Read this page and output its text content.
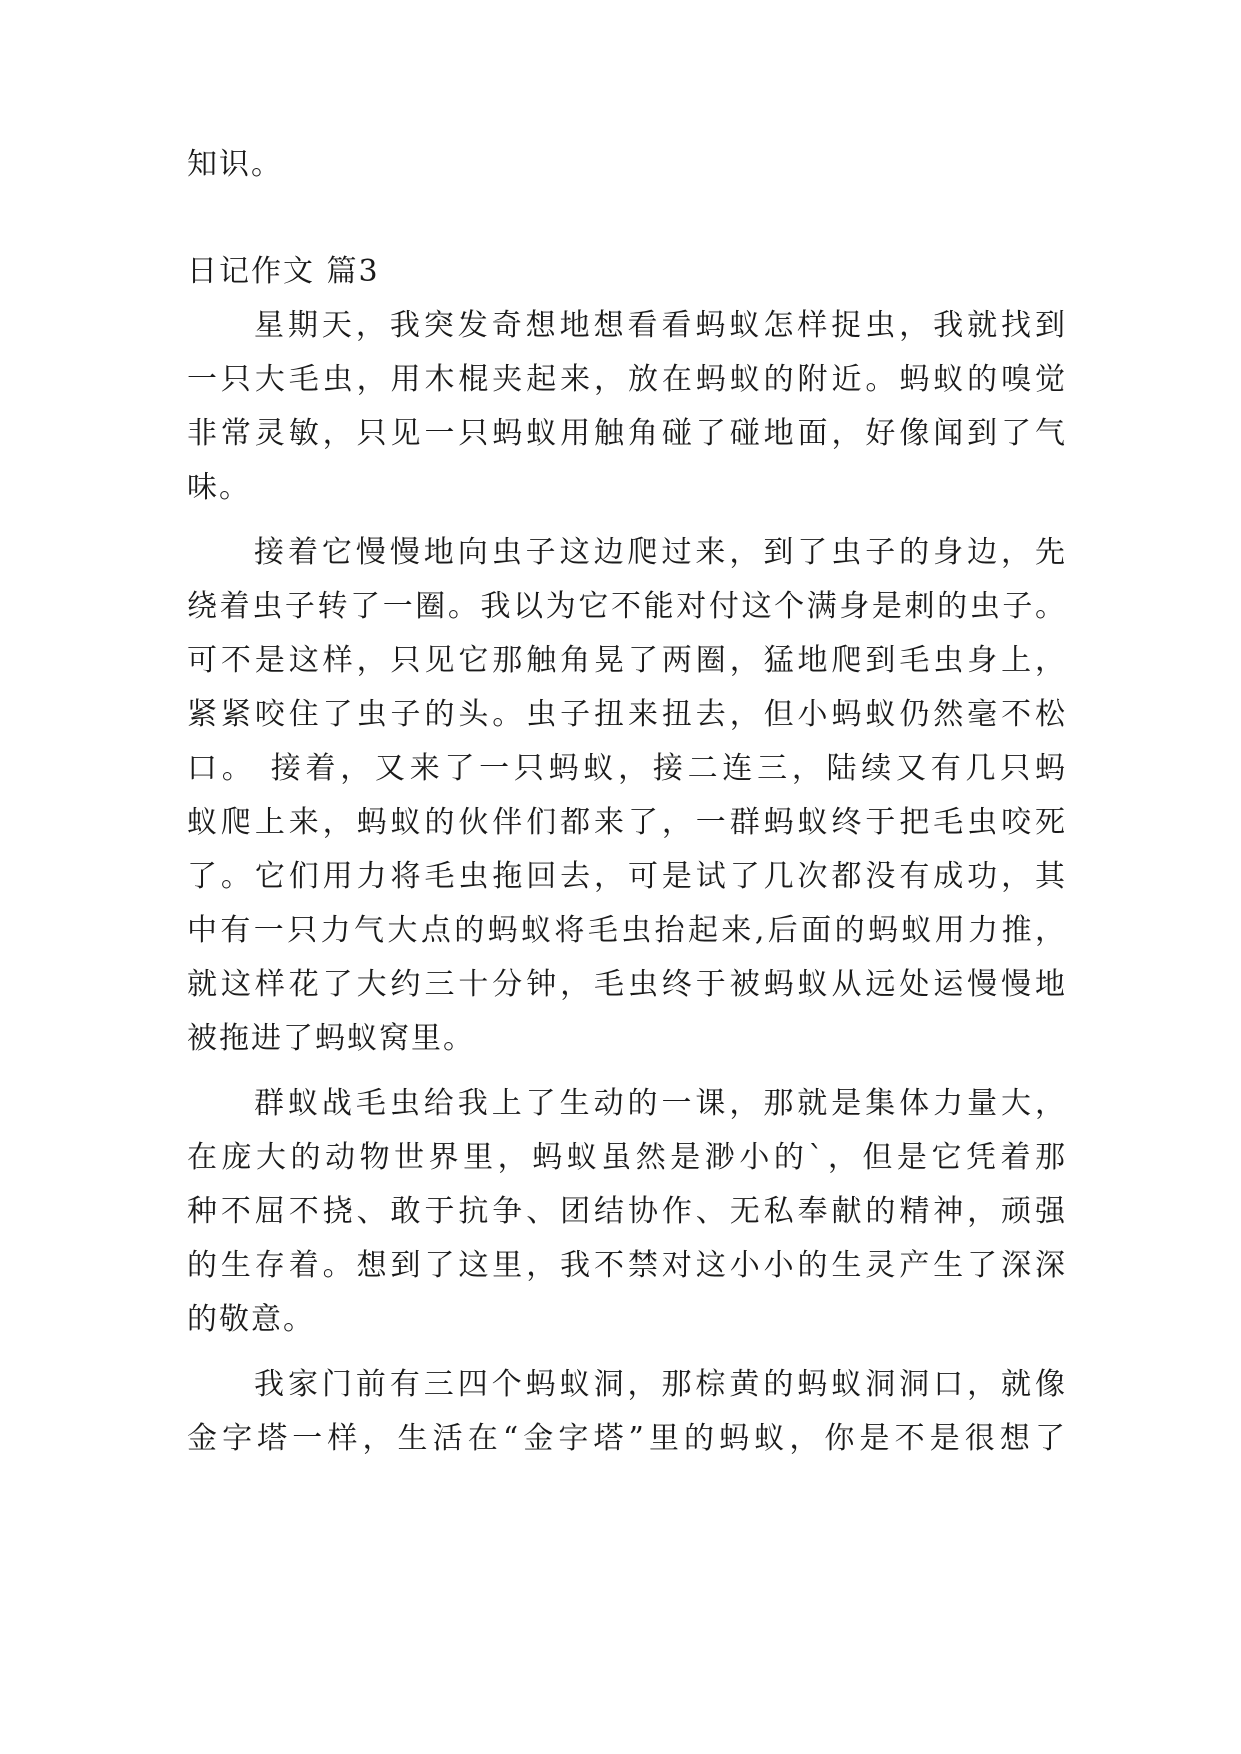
知识。
日记作文 篇3
星期天，我突发奇想地想看看蚂蚁怎样捉虫，我就找到
一只大毛虫，用木棍夹起来，放在蚂蚁的附近。蚂蚁的嗅觉
非常灵敏，只见一只蚂蚁用触角碰了碰地面，好像闻到了气
味。
接着它慢慢地向虫子这边爬过来，到了虫子的身边，先
绕着虫子转了一圈。我以为它不能对付这个满身是刺的虫子。
可不是这样，只见它那触角晃了两圈，猛地爬到毛虫身上，
紧紧咬住了虫子的头。虫子扭来扭去，但小蚂蚁仍然毫不松
口。 接着，又来了一只蚂蚁，接二连三，陆续又有几只蚂
蚁爬上来，蚂蚁的伙伴们都来了，一群蚂蚁终于把毛虫咬死
了。它们用力将毛虫拖回去，可是试了几次都没有成功，其
中有一只力气大点的蚂蚁将毛虫抬起来,后面的蚂蚁用力推，
就这样花了大约三十分钟，毛虫终于被蚂蚁从远处运慢慢地
被拖进了蚂蚁窝里。
群蚁战毛虫给我上了生动的一课，那就是集体力量大，
在庞大的动物世界里，蚂蚁虽然是渺小的`，但是它凭着那
种不屈不挠、敢于抗争、团结协作、无私奉献的精神，顽强
的生存着。想到了这里，我不禁对这小小的生灵产生了深深
的敬意。
我家门前有三四个蚂蚁洞，那棕黄的蚂蚁洞洞口，就像
金字塔一样，生活在“金字塔”里的蚂蚁，你是不是很想了
